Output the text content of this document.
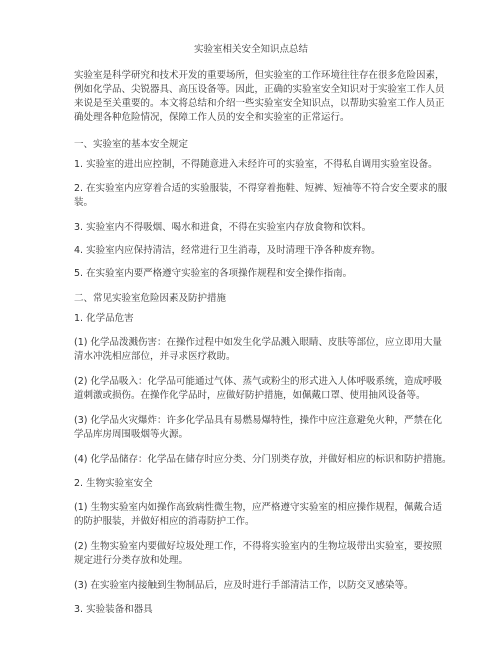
实验室相关安全知识点总结
实验室是科学研究和技术开发的重要场所，但实验室的工作环境往往存在很多危险因素，
例如化学品、尖锐器具、高压设备等。因此，正确的实验室安全知识对于实验室工作人员
来说是至关重要的。本文将总结和介绍一些实验室安全知识点，以帮助实验室工作人员正
确处理各种危险情况，保障工作人员的安全和实验室的正常运行。
一、实验室的基本安全规定
1. 实验室的进出应控制，不得随意进入未经许可的实验室，不得私自调用实验室设备。
2. 在实验室内应穿着合适的实验服装，不得穿着拖鞋、短裤、短袖等不符合安全要求的服
装。
3. 实验室内不得吸烟、喝水和进食，不得在实验室内存放食物和饮料。
4. 实验室内应保持清洁，经常进行卫生消毒，及时清理干净各种废弃物。
5. 在实验室内要严格遵守实验室的各项操作规程和安全操作指南。
二、常见实验室危险因素及防护措施
1. 化学品危害
(1) 化学品泼溅伤害：在操作过程中如发生化学品溅入眼睛、皮肤等部位，应立即用大量
清水冲洗相应部位，并寻求医疗救助。
(2) 化学品吸入：化学品可能通过气体、蒸气或粉尘的形式进入人体呼吸系统，造成呼吸
道刺激或损伤。在操作化学品时，应做好防护措施，如佩戴口罩、使用抽风设备等。
(3) 化学品火灾爆炸：许多化学品具有易燃易爆特性，操作中应注意避免火种，严禁在化
学品库房周围吸烟等火源。
(4) 化学品储存：化学品在储存时应分类、分门别类存放，并做好相应的标识和防护措施。
2. 生物实验室安全
(1) 生物实验室内如操作高致病性微生物，应严格遵守实验室的相应操作规程，佩戴合适
的防护服装，并做好相应的消毒防护工作。
(2) 生物实验室内要做好垃圾处理工作，不得将实验室内的生物垃圾带出实验室，要按照
规定进行分类存放和处理。
(3) 在实验室内接触到生物制品后，应及时进行手部清洁工作，以防交叉感染等。
3. 实验装备和器具
